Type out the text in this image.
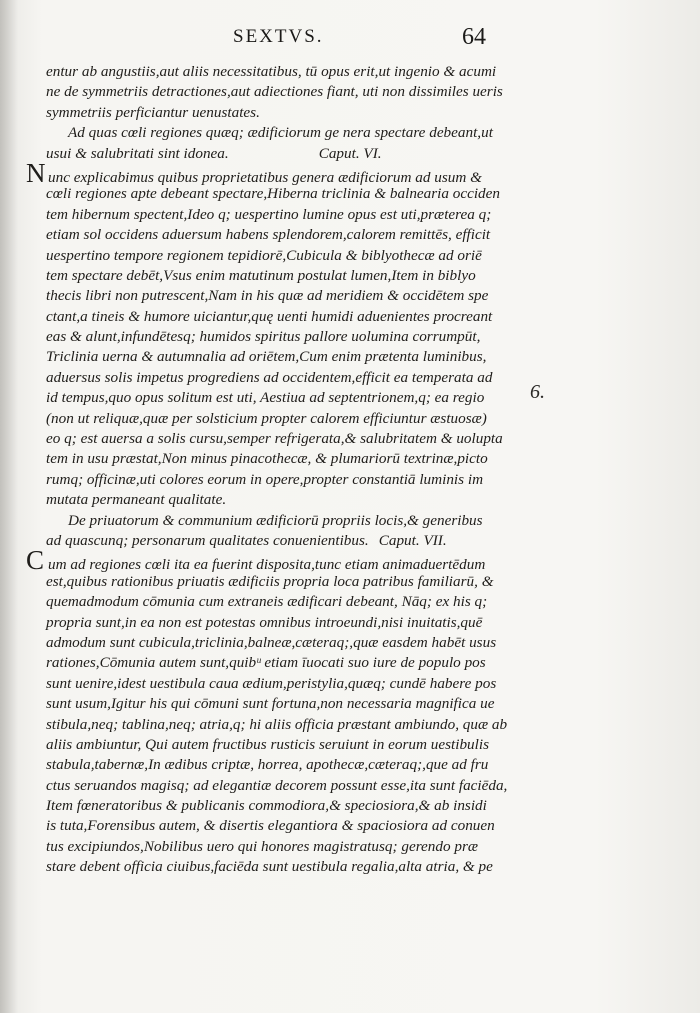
SEXTVS.	64
entur ab angustiis,aut aliis necessitatibus, tū opus erit,ut ingenio & acumi
ne de symmetriis detractiones,aut adiectiones fiant, uti non dissimiles ueris
symmetriis perficiantur uenustates.
Ad quas cœli regiones quæq; ædificiorum ge nera spectare debeant,ut
usui & salubritati sint idonea.	Caput. VI.
Nunc explicabimus quibus proprietatibus genera ædificiorum ad usum &
cœli regiones apte debeant spectare,Hiberna triclinia & balnearia occiden
tem hibernum spectent,Ideo q; uespertino lumine opus est uti,præterea q;
etiam sol occidens aduersum habens splendorem,calorem remittēs, efficit
uespertino tempore regionem tepidiorē,Cubicula & biblyothecæ ad oriē
tem spectare debēt,Vsus enim matutinum postulat lumen,Item in biblyo
thecis libri non putrescent,Nam in his quæ ad meridiem & occidētem spe
ctant,a tineis & humore uiciantur,quę uenti humidi aduenientes procreant
eas & alunt,infundētesq; humidos spiritus pallore uolumina corrumpūt,
Triclinia uerna & autumnalia ad oriētem,Cum enim prætenta luminibus,
aduersus solis impetus progrediens ad occidentem,efficit ea temperata ad
id tempus,quo opus solitum est uti, Aestiua ad septentrionem,q; ea regio
(non ut reliquæ,quæ per solsticium propter calorem efficiuntur æstuosæ)
eo q; est auersa a solis cursu,semper refrigerata,& salubritatem & uolupta
tem in usu præstat,Non minus pinacothecæ, & plumariorū textrinæ,picto
rumq; officinæ,uti colores eorum in opere,propter constantiā luminis im
mutata permaneant qualitate.
De priuatorum & communium ædificiorū propriis locis,& generibus
ad quascunq; personarum qualitates conuenientibus. Caput. VII.
Cum ad regiones cœli ita ea fuerint disposita,tunc etiam animaduertēdum
est,quibus rationibus priuatis ædificiis propria loca patribus familiarū, &
quemadmodum cōmunia cum extraneis ædificari debeant, Nāq; ex his q;
propria sunt,in ea non est potestas omnibus introeundi,nisi inuitatis,quē
admodum sunt cubicula,triclinia,balneæ,cæteraq;,quæ easdem habēt usus
rationes,Cōmunia autem sunt,quibᵘ etiam īuocati suo iure de populo pos
sunt uenire,idest uestibula caua ædium,peristylia,quæq; cundē habere pos
sunt usum,Igitur his qui cōmuni sunt fortuna,non necessaria magnifica ue
stibula,neq; tablina,neq; atria,q; hi aliis officia præstant ambiundo, quæ ab
aliis ambiuntur, Qui autem fructibus rusticis seruiunt in eorum uestibulis
stabula,tabernæ,In ædibus criptæ, horrea, apothecæ,cæteraq;,que ad fru
ctus seruandos magisq; ad elegantiæ decorem possunt esse,ita sunt faciēda,
Item fœneratoribus & publicanis commodiora,& speciosiora,& ab insidi
is tuta,Forensibus autem, & disertis elegantiora & spaciosiora ad conuen
tus excipiundos,Nobilibus uero qui honores magistratusq; gerendo præ
stare debent officia ciuibus,faciēda sunt uestibula regalia,alta atria, & pe
6.
